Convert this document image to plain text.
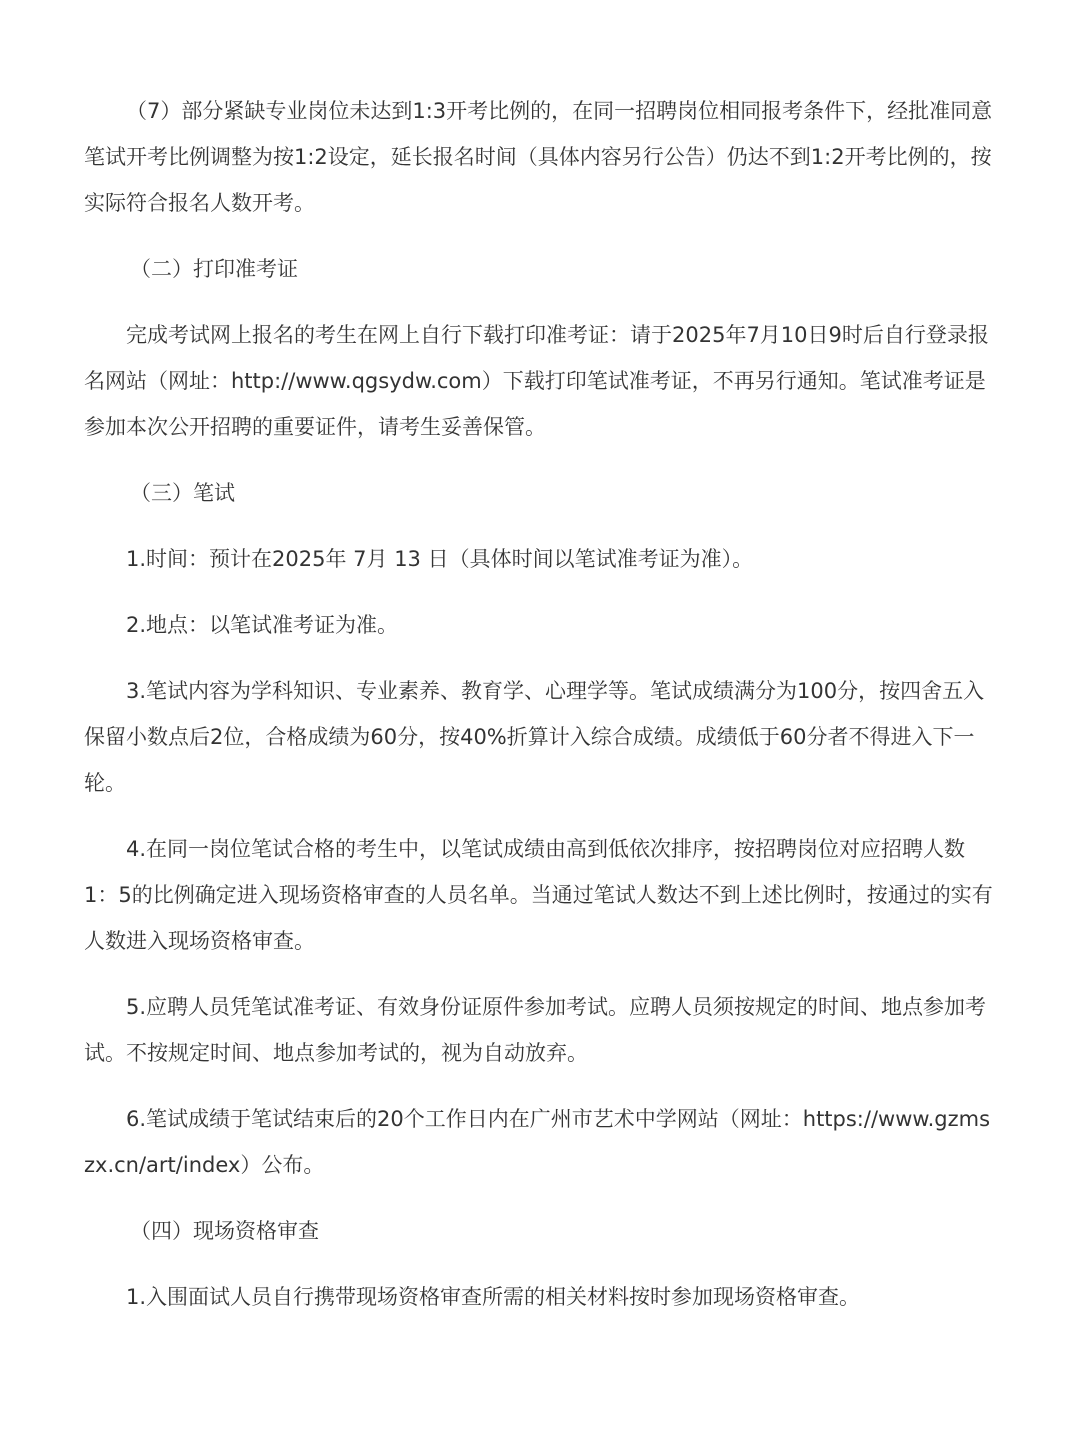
（7）部分紧缺专业岗位未达到1:3开考比例的，在同一招聘岗位相同报考条件下，经批准同意笔试开考比例调整为按1:2设定，延长报名时间（具体内容另行公告）仍达不到1:2开考比例的，按实际符合报名人数开考。

（二）打印准考证

完成考试网上报名的考生在网上自行下载打印准考证：请于2025年7月10日9时后自行登录报名网站（网址：http://www.qgsydw.com）下载打印笔试准考证，不再另行通知。笔试准考证是参加本次公开招聘的重要证件，请考生妥善保管。

（三）笔试

1.时间：预计在2025年 7月 13 日（具体时间以笔试准考证为准）。

2.地点：以笔试准考证为准。

3.笔试内容为学科知识、专业素养、教育学、心理学等。笔试成绩满分为100分，按四舍五入保留小数点后2位，合格成绩为60分，按40%折算计入综合成绩。成绩低于60分者不得进入下一轮。

4.在同一岗位笔试合格的考生中，以笔试成绩由高到低依次排序，按招聘岗位对应招聘人数1：5的比例确定进入现场资格审查的人员名单。当通过笔试人数达不到上述比例时，按通过的实有人数进入现场资格审查。

5.应聘人员凭笔试准考证、有效身份证原件参加考试。应聘人员须按规定的时间、地点参加考试。不按规定时间、地点参加考试的，视为自动放弃。

6.笔试成绩于笔试结束后的20个工作日内在广州市艺术中学网站（网址：https://www.gzmszx.cn/art/index）公布。

（四）现场资格审查

1.入围面试人员自行携带现场资格审查所需的相关材料按时参加现场资格审查。
